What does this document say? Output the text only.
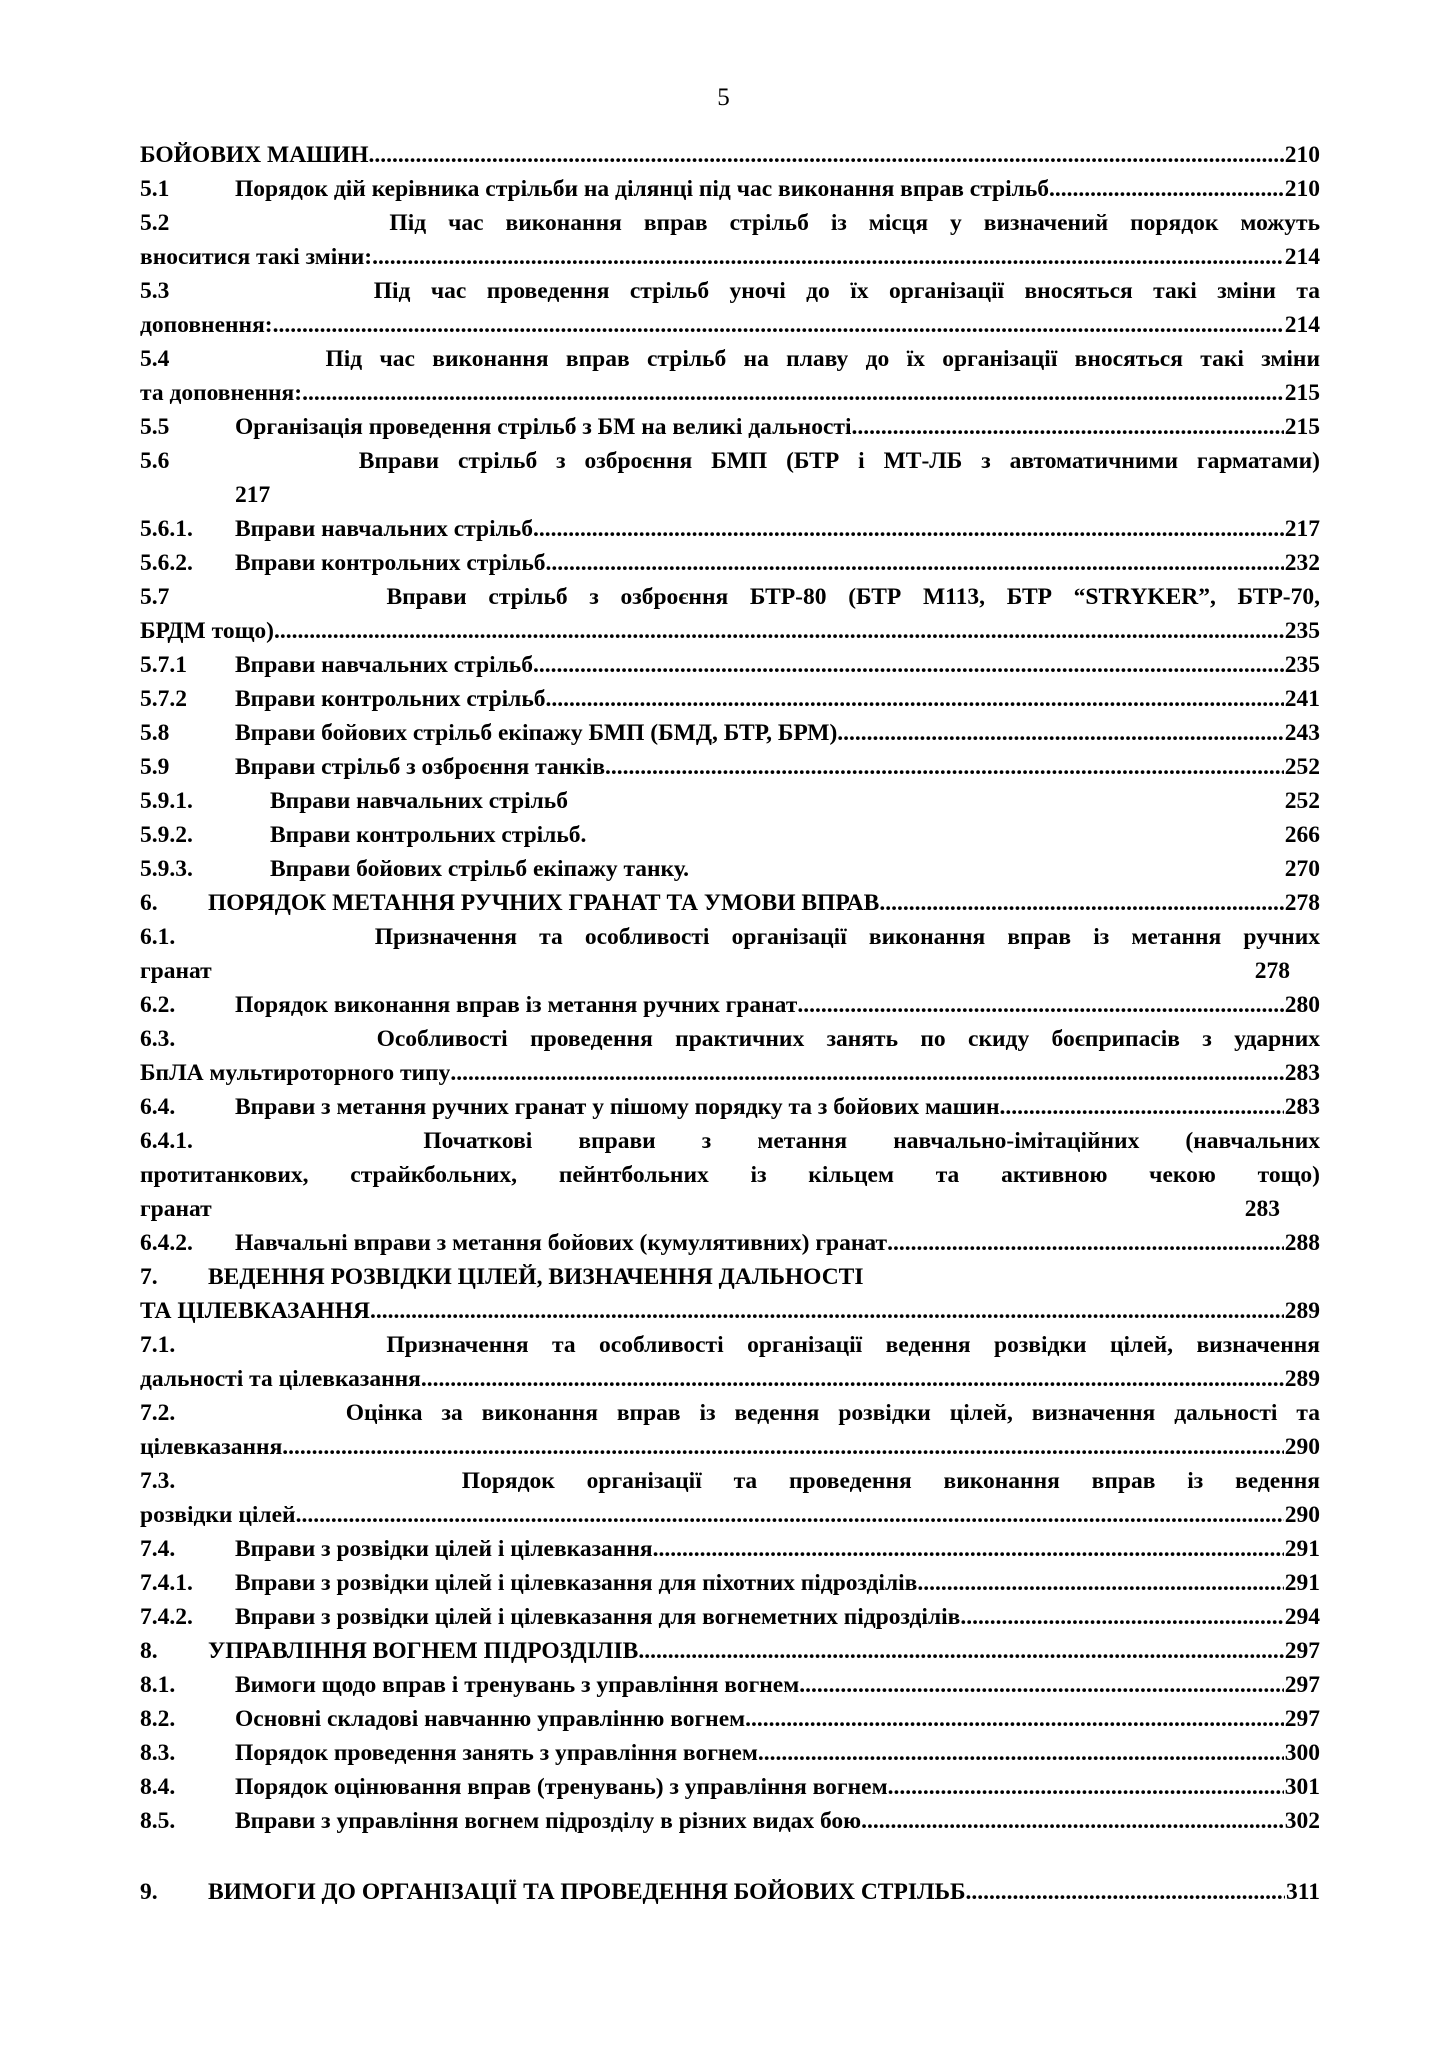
5
БОЙОВИХ МАШИН .....	210
5.1	Порядок дій керівника стрільби на ділянці під час виконання вправ стрільб .....	210
5.2          Під час виконання вправ стрільб із місця у визначений порядок можуть
вноситися такі зміни: .....	214
5.3          Під час проведення стрільб уночі до їх організації вносяться такі зміни та
доповнення: .....	214
5.4         Під час виконання вправ стрільб на плаву до їх організації вносяться такі зміни
та доповнення: .....	215
5.5	Організація проведення стрільб з БМ на великі дальності .....	215
5.6          Вправи стрільб з озброєння БМП (БТР і МТ-ЛБ з автоматичними гарматами)
217
5.6.1.	Вправи навчальних стрільб. .....	217
5.6.2.	Вправи контрольних стрільб. .....	232
5.7          Вправи стрільб з озброєння БТР-80 (БТР М113, БТР “STRYKER”, БТР-70,
БРДМ тощо) .....	235
5.7.1	Вправи навчальних стрільб .....	235
5.7.2	Вправи контрольних стрільб. .....	241
5.8	Вправи бойових стрільб екіпажу БМП (БМД, БТР, БРМ). .....	243
5.9	Вправи стрільб з озброєння танків .....	252
5.9.1.	Вправи навчальних стрільб	252
5.9.2.	Вправи контрольних стрільб.	266
5.9.3.	Вправи бойових стрільб екіпажу танку.	270
6.	ПОРЯДОК МЕТАННЯ РУЧНИХ ГРАНАТ ТА УМОВИ ВПРАВ .....	278
6.1.         Призначення та особливості організації виконання вправ із метання ручних
гранат	278
6.2.	Порядок виконання вправ із метання ручних гранат .....	280
6.3.         Особливості проведення практичних занять по скиду боєприпасів з ударних
БпЛА мультироторного типу .....	283
6.4.	Вправи з метання ручних гранат у пішому порядку та з бойових машин .....	283
6.4.1.     Початкові вправи з метання навчально-імітаційних (навчальних
протитанкових, страйкбольних, пейнтбольних із кільцем та активною чекою тощо)
гранат	283
6.4.2.	Навчальні вправи з метання бойових (кумулятивних) гранат .....	288
7.	ВЕДЕННЯ РОЗВІДКИ ЦІЛЕЙ, ВИЗНАЧЕННЯ ДАЛЬНОСТІ
ТА ЦІЛЕВКАЗАННЯ .....	289
7.1.         Призначення та особливості організації ведення розвідки цілей, визначення
дальності та цілевказання .....	289
7.2.         Оцінка за виконання вправ із ведення розвідки цілей, визначення дальності та
цілевказання .....	290
7.3.         Порядок організації та проведення виконання вправ із ведення
розвідки цілей .....	290
7.4.	Вправи з розвідки цілей і цілевказання .....	291
7.4.1.	Вправи з розвідки цілей і цілевказання для піхотних підрозділів .....	291
7.4.2.	Вправи з розвідки цілей і цілевказання для вогнеметних підрозділів .....	294
8.	УПРАВЛІННЯ ВОГНЕМ ПІДРОЗДІЛІВ .....	297
8.1.	Вимоги щодо вправ і тренувань з управління вогнем .....	297
8.2.	Основні складові навчанню управлінню вогнем .....	297
8.3.	Порядок проведення занять з управління вогнем .....	300
8.4.	Порядок оцінювання вправ (тренувань) з управління вогнем .....	301
8.5.	Вправи з управління вогнем підрозділу в різних видах бою .....	302
9.	ВИМОГИ ДО ОРГАНІЗАЦІЇ ТА ПРОВЕДЕННЯ БОЙОВИХ СТРІЛЬБ .....	311
